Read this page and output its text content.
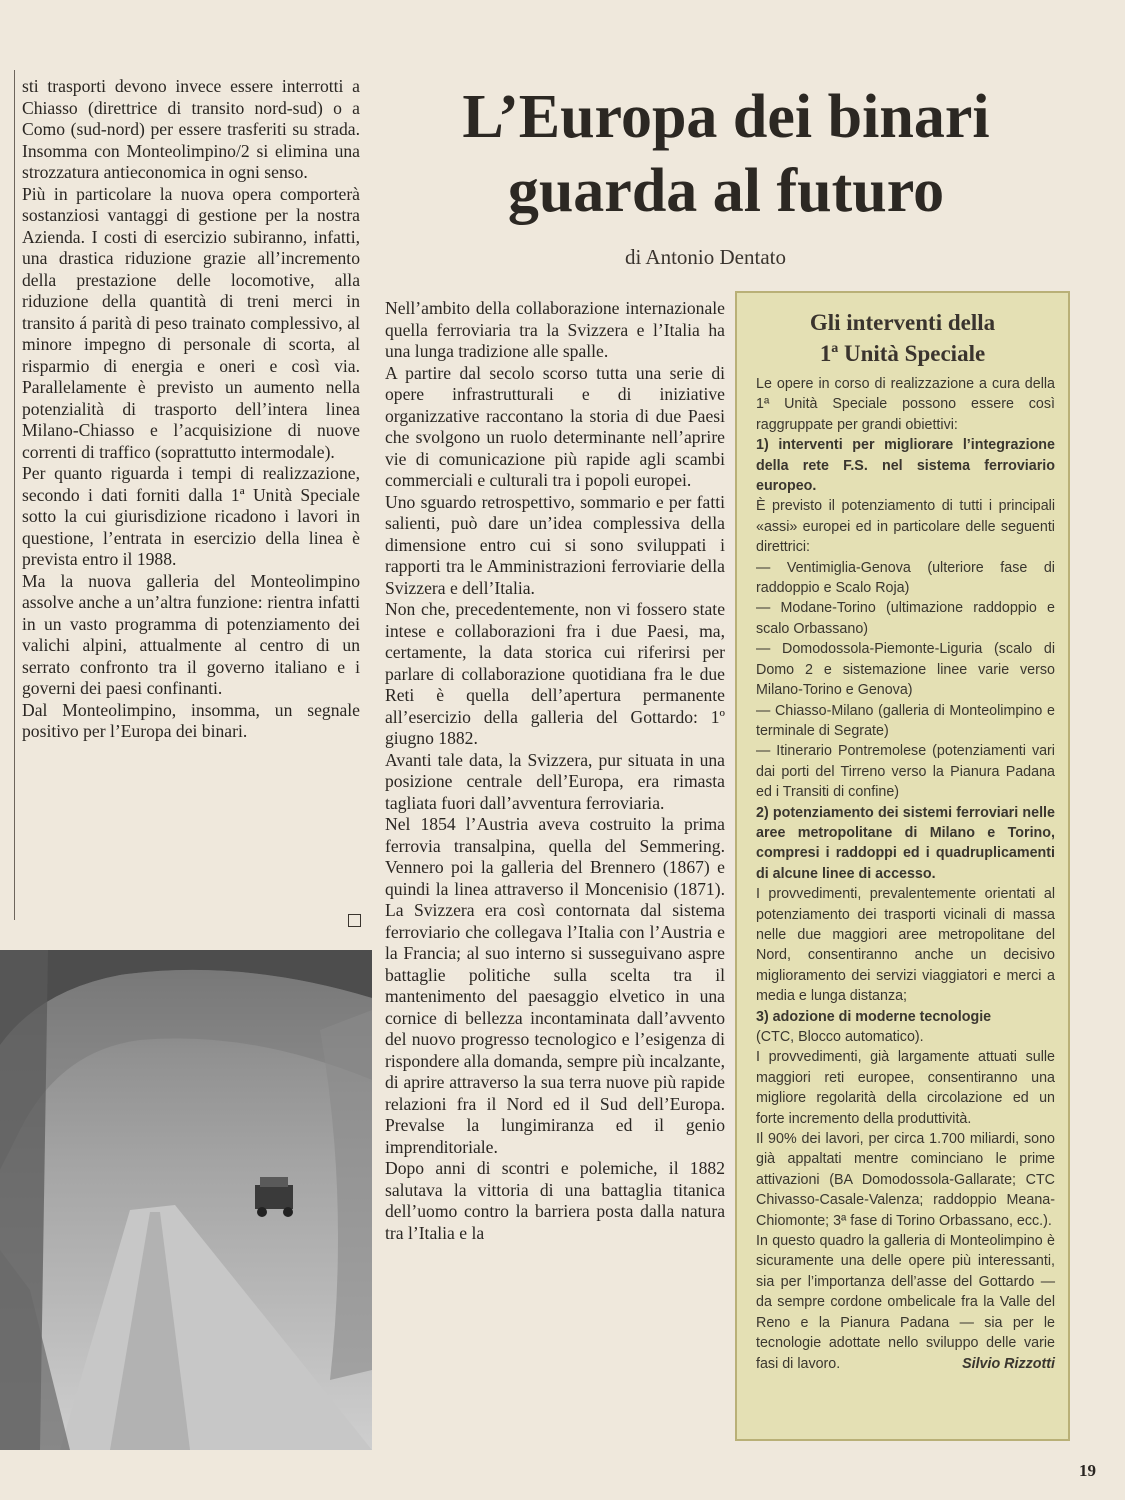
sti trasporti devono invece essere interrotti a Chiasso (direttrice di transito nord-sud) o a Como (sud-nord) per essere trasferiti su strada. Insomma con Monteolimpino/2 si elimina una strozzatura antieconomica in ogni senso.

Più in particolare la nuova opera comporterà sostanziosi vantaggi di gestione per la nostra Azienda. I costi di esercizio subiranno, infatti, una drastica riduzione grazie all’incremento della prestazione delle locomotive, alla riduzione della quantità di treni merci in transito á parità di peso trainato complessivo, al minore impegno di personale di scorta, al risparmio di energia e oneri e così via. Parallelamente è previsto un aumento nella potenzialità di trasporto dell’intera linea Milano-Chiasso e l’acquisizione di nuove correnti di traffico (soprattutto intermodale).

Per quanto riguarda i tempi di realizzazione, secondo i dati forniti dalla 1ª Unità Speciale sotto la cui giurisdizione ricadono i lavori in questione, l’entrata in esercizio della linea è prevista entro il 1988.

Ma la nuova galleria del Monteolimpino assolve anche a un’altra funzione: rientra infatti in un vasto programma di potenziamento dei valichi alpini, attualmente al centro di un serrato confronto tra il governo italiano e i governi dei paesi confinanti.

Dal Monteolimpino, insomma, un segnale positivo per l’Europa dei binari.

L’Europa dei binari
guarda al futuro

di Antonio Dentato

Nell’ambito della collaborazione internazionale quella ferroviaria tra la Svizzera e l’Italia ha una lunga tradizione alle spalle.

A partire dal secolo scorso tutta una serie di opere infrastrutturali e di iniziative organizzative raccontano la storia di due Paesi che svolgono un ruolo determinante nell’aprire vie di comunicazione più rapide agli scambi commerciali e culturali tra i popoli europei.

Uno sguardo retrospettivo, sommario e per fatti salienti, può dare un’idea complessiva della dimensione entro cui si sono sviluppati i rapporti tra le Amministrazioni ferroviarie della Svizzera e dell’Italia.

Non che, precedentemente, non vi fossero state intese e collaborazioni fra i due Paesi, ma, certamente, la data storica cui riferirsi per parlare di collaborazione quotidiana fra le due Reti è quella dell’apertura permanente all’esercizio della galleria del Gottardo: 1º giugno 1882.

Avanti tale data, la Svizzera, pur situata in una posizione centrale dell’Europa, era rimasta tagliata fuori dall’avventura ferroviaria.

Nel 1854 l’Austria aveva costruito la prima ferrovia transalpina, quella del Semmering. Vennero poi la galleria del Brennero (1867) e quindi la linea attraverso il Moncenisio (1871). La Svizzera era così contornata dal sistema ferroviario che collegava l’Italia con l’Austria e la Francia; al suo interno si susseguivano aspre battaglie politiche sulla scelta tra il mantenimento del paesaggio elvetico in una cornice di bellezza incontaminata dall’avvento del nuovo progresso tecnologico e l’esigenza di rispondere alla domanda, sempre più incalzante, di aprire attraverso la sua terra nuove più rapide relazioni fra il Nord ed il Sud dell’Europa. Prevalse la lungimiranza ed il genio imprenditoriale.

Dopo anni di scontri e polemiche, il 1882 salutava la vittoria di una battaglia titanica dell’uomo contro la barriera posta dalla natura tra l’Italia e la

Gli interventi della
1ª Unità Speciale

Le opere in corso di realizzazione a cura della 1ª Unità Speciale possono essere così raggruppate per grandi obiettivi:

1) interventi per migliorare l’integrazione della rete F.S. nel sistema ferroviario europeo.

È previsto il potenziamento di tutti i principali «assi» europei ed in particolare delle seguenti direttrici:

— Ventimiglia-Genova (ulteriore fase di raddoppio e Scalo Roja)

— Modane-Torino (ultimazione raddoppio e scalo Orbassano)

— Domodossola-Piemonte-Liguria (scalo di Domo 2 e sistemazione linee varie verso Milano-Torino e Genova)

— Chiasso-Milano (galleria di Monteolimpino e terminale di Segrate)

— Itinerario Pontremolese (potenziamenti vari dai porti del Tirreno verso la Pianura Padana ed i Transiti di confine)

2) potenziamento dei sistemi ferroviari nelle aree metropolitane di Milano e Torino, compresi i raddoppi ed i quadruplicamenti di alcune linee di accesso.

I provvedimenti, prevalentemente orientati al potenziamento dei trasporti vicinali di massa nelle due maggiori aree metropolitane del Nord, consentiranno anche un decisivo miglioramento dei servizi viaggiatori e merci a media e lunga distanza;

3) adozione di moderne tecnologie
(CTC, Blocco automatico).

I provvedimenti, già largamente attuati sulle maggiori reti europee, consentiranno una migliore regolarità della circolazione ed un forte incremento della produttività.

Il 90% dei lavori, per circa 1.700 miliardi, sono già appaltati mentre cominciano le prime attivazioni (BA Domodossola-Gallarate; CTC Chivasso-Casale-Valenza; raddoppio Meana-Chiomonte; 3ª fase di Torino Orbassano, ecc.).

In questo quadro la galleria di Monteolimpino è sicuramente una delle opere più interessanti, sia per l’importanza dell’asse del Gottardo — da sempre cordone ombelicale fra la Valle del Reno e la Pianura Padana — sia per le tecnologie adottate nello sviluppo delle varie fasi di lavoro.	Silvio Rizzotti

19
